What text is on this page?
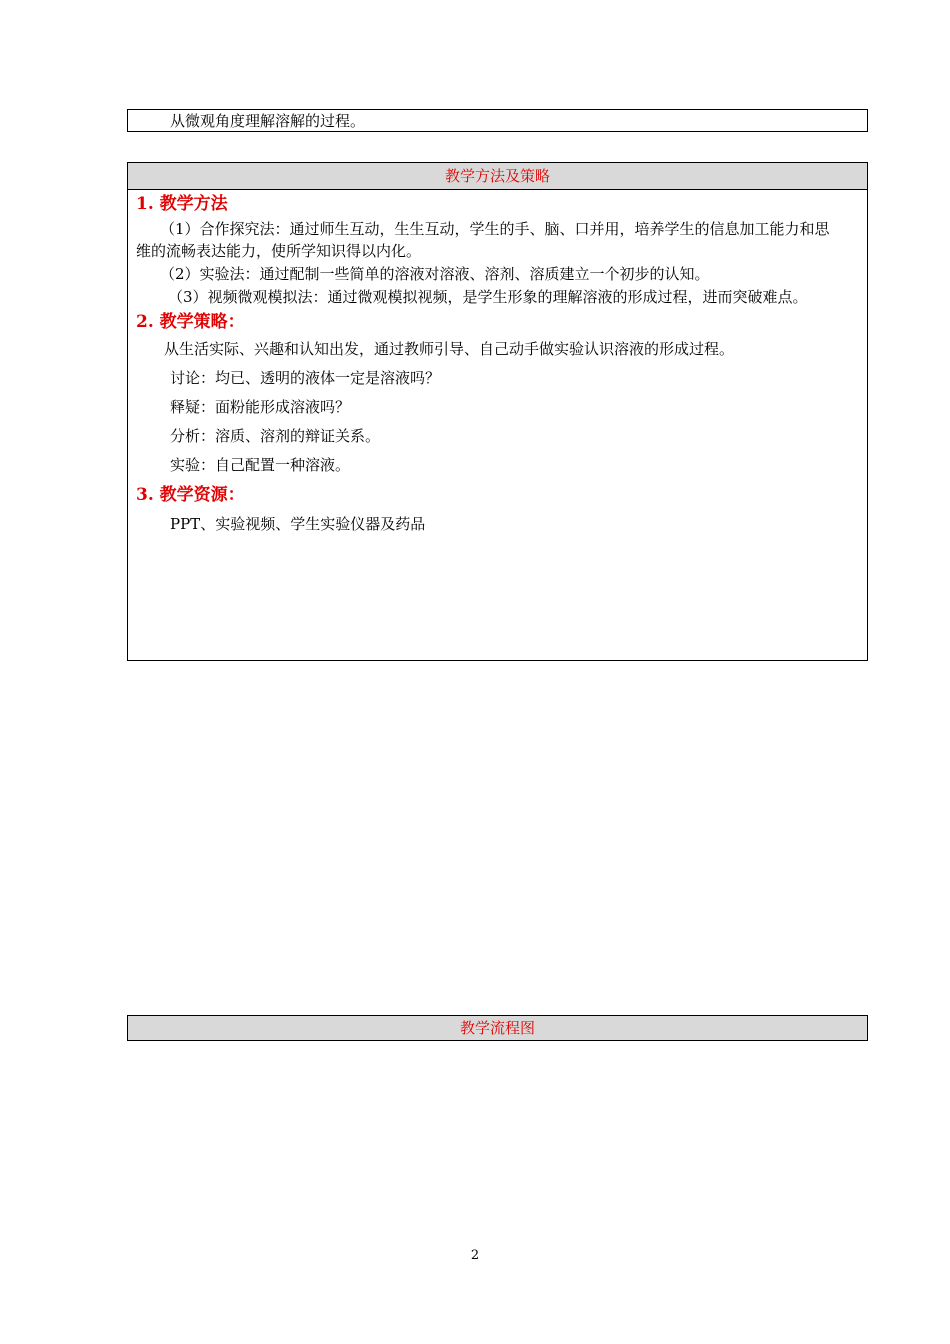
从微观角度理解溶解的过程。
教学方法及策略
1. 教学方法
（1）合作探究法：通过师生互动，生生互动，学生的手、脑、口并用，培养学生的信息加工能力和思
维的流畅表达能力，使所学知识得以内化。
（2）实验法：通过配制一些简单的溶液对溶液、溶剂、溶质建立一个初步的认知。
（3）视频微观模拟法：通过微观模拟视频，是学生形象的理解溶液的形成过程，进而突破难点。
2. 教学策略：
从生活实际、兴趣和认知出发，通过教师引导、自己动手做实验认识溶液的形成过程。
讨论：均已、透明的液体一定是溶液吗？
释疑：面粉能形成溶液吗？
分析：溶质、溶剂的辩证关系。
实验：自己配置一种溶液。
3. 教学资源：
PPT、实验视频、学生实验仪器及药品
教学流程图
2
